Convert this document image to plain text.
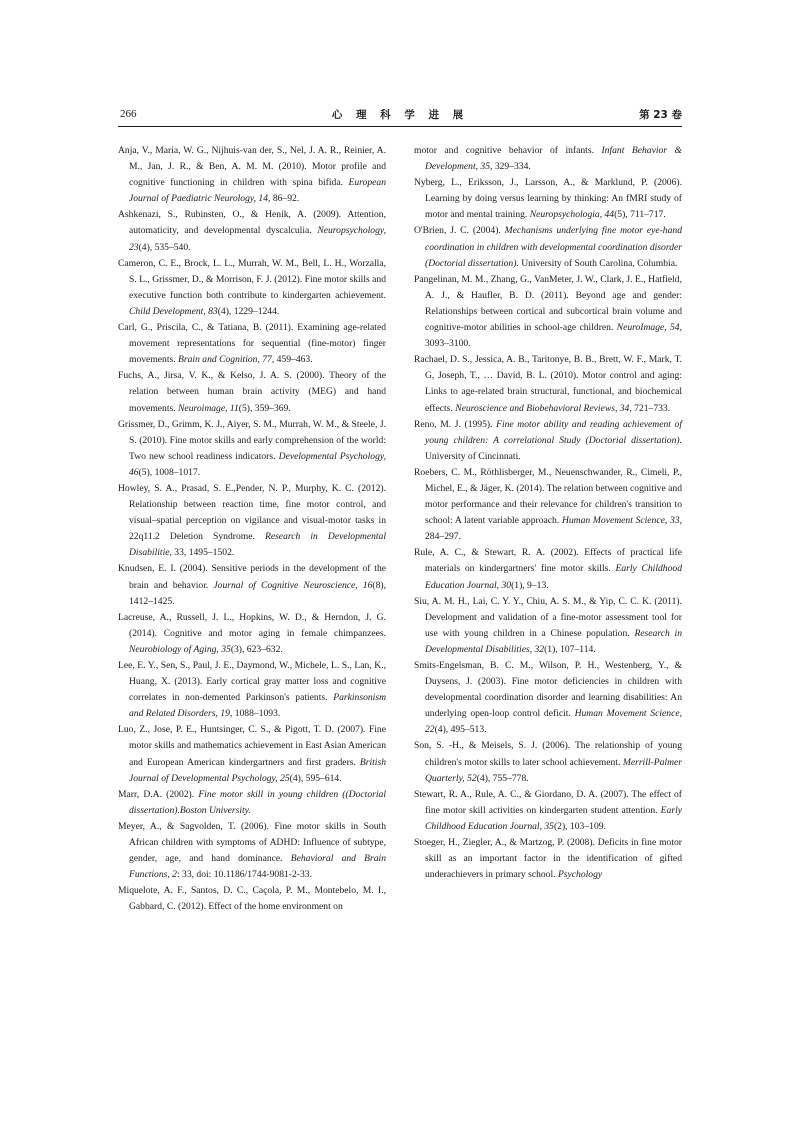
266	心 理 科 学 进 展	第 23 卷

Anja, V., Maria, W. G., Nijhuis-van der, S., Nel, J. A. R., Reinier, A. M., Jan, J. R., & Ben, A. M. M. (2010). Motor profile and cognitive functioning in children with spina bifida. European Journal of Paediatric Neurology, 14, 86–92.

Ashkenazi, S., Rubinsten, O., & Henik, A. (2009). Attention, automaticity, and developmental dyscalculia. Neuropsychology, 23(4), 535–540.

Cameron, C. E., Brock, L. L., Murrah, W. M., Bell, L. H., Worzalla, S. L., Grissmer, D., & Morrison, F. J. (2012). Fine motor skills and executive function both contribute to kindergarten achievement. Child Development, 83(4), 1229–1244.

Carl, G., Priscila, C., & Tatiana, B. (2011). Examining age-related movement representations for sequential (fine-motor) finger movements. Brain and Cognition, 77, 459–463.

Fuchs, A., Jirsa, V. K., & Kelso, J. A. S. (2000). Theory of the relation between human brain activity (MEG) and hand movements. Neuroimage, 11(5), 359–369.

Grissmer, D., Grimm, K. J., Aiyer, S. M., Murrah, W. M., & Steele, J. S. (2010). Fine motor skills and early comprehension of the world: Two new school readiness indicators. Developmental Psychology, 46(5), 1008–1017.

Howley, S. A., Prasad, S. E.,Pender, N. P., Murphy, K. C. (2012). Relationship between reaction time, fine motor control, and visual–spatial perception on vigilance and visual-motor tasks in 22q11.2 Deletion Syndrome. Research in Developmental Disabilitie, 33, 1495–1502.

Knudsen, E. I. (2004). Sensitive periods in the development of the brain and behavior. Journal of Cognitive Neuroscience, 16(8), 1412–1425.

Lacreuse, A., Russell, J. L., Hopkins, W. D., & Herndon, J. G. (2014). Cognitive and motor aging in female chimpanzees. Neurobiology of Aging, 35(3), 623–632.

Lee, E. Y., Sen, S., Paul, J. E., Daymond, W., Michele, L. S., Lan, K., Huang, X. (2013). Early cortical gray matter loss and cognitive correlates in non-demented Parkinson's patients. Parkinsonism and Related Disorders, 19, 1088–1093.

Luo, Z., Jose, P. E., Huntsinger, C. S., & Pigott, T. D. (2007). Fine motor skills and mathematics achievement in East Asian American and European American kindergartners and first graders. British Journal of Developmental Psychology, 25(4), 595–614.

Marr, D.A. (2002). Fine motor skill in young children ((Doctorial dissertation).Boston University.

Meyer, A., & Sagvolden, T. (2006). Fine motor skills in South African children with symptoms of ADHD: Influence of subtype, gender, age, and hand dominance. Behavioral and Brain Functions, 2: 33, doi: 10.1186/1744-9081-2-33.

Miquelote, A. F., Santos, D. C., Caçola, P. M., Montebelo, M. I., Gabbard, C. (2012). Effect of the home environment on

motor and cognitive behavior of infants. Infant Behavior & Development, 35, 329–334.

Nyberg, L., Eriksson, J., Larsson, A., & Marklund, P. (2006). Learning by doing versus learning by thinking: An fMRI study of motor and mental training. Neuropsychologia, 44(5), 711–717.

O'Brien, J. C. (2004). Mechanisms underlying fine motor eye-hand coordination in children with developmental coordination disorder (Doctorial dissertation). University of South Carolina, Columbia.

Pangelinan, M. M., Zhang, G., VanMeter, J. W., Clark, J. E., Hatfield, A. J., & Haufler, B. D. (2011). Beyond age and gender: Relationships between cortical and subcortical brain volume and cognitive-motor abilities in school-age children. NeuroImage, 54, 3093–3100.

Rachael, D. S., Jessica, A. B., Taritonye, B. B., Brett, W. F., Mark, T. G, Joseph, T., … David, B. L. (2010). Motor control and aging: Links to age-related brain structural, functional, and biochemical effects. Neuroscience and Biobehavioral Reviews, 34, 721–733.

Reno, M. J. (1995). Fine motor ability and reading achievement of young children: A correlational Study (Doctorial dissertation). University of Cincinnati.

Roebers, C. M., Röthlisberger, M., Neuenschwander, R., Cimeli, P., Michel, E., & Jäger, K. (2014). The relation between cognitive and motor performance and their relevance for children's transition to school: A latent variable approach. Human Movement Science, 33, 284–297.

Rule, A. C., & Stewart, R. A. (2002). Effects of practical life materials on kindergartners' fine motor skills. Early Childhood Education Journal, 30(1), 9–13.

Siu, A. M. H., Lai, C. Y. Y., Chiu, A. S. M., & Yip, C. C. K. (2011). Development and validation of a fine-motor assessment tool for use with young children in a Chinese population. Research in Developmental Disabilities, 32(1), 107–114.

Smits-Engelsman, B. C. M., Wilson, P. H., Westenberg, Y., & Duysens, J. (2003). Fine motor deficiencies in children with developmental coordination disorder and learning disabilities: An underlying open-loop control deficit. Human Movement Science, 22(4), 495–513.

Son, S. -H., & Meisels, S. J. (2006). The relationship of young children's motor skills to later school achievement. Merrill-Palmer Quarterly, 52(4), 755–778.

Stewart, R. A., Rule, A. C., & Giordano, D. A. (2007). The effect of fine motor skill activities on kindergarten student attention. Early Childhood Education Journal, 35(2), 103–109.

Stoeger, H., Ziegler, A., & Martzog, P. (2008). Deficits in fine motor skill as an important factor in the identification of gifted underachievers in primary school. Psychology
